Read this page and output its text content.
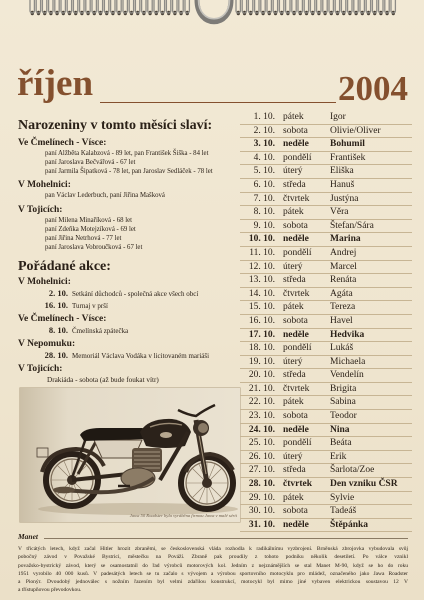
říjen	2004
Narozeniny v tomto měsíci slaví:
Ve Čmelínech - Vísce:
paní Alžběta Kalabzová - 89 let, pan František Šiška - 84 let
paní Jaroslava Bečvářová - 67 let
paní Jarmila Šipatková - 78 let, pan Jaroslav Sedláček - 78 let
V Mohelnici:
pan Václav Lederbuch, paní Jiřina Mašková
V Tojicích:
paní Milena Minaříková - 68 let
paní Zdeňka Motejzíková - 69 let
paní Jiřina Netrhová - 77 let
paní Jaroslava Vobroučková - 67 let
Pořádané akce:
V Mohelnici:
2. 10. Setkání důchodců - společná akce všech obcí
16. 10. Turnaj v prší
Ve Čmelínech - Vísce:
8. 10. Čmelínská zpátečka
V Nepomuku:
28. 10. Memoriál Václava Vodáka v licitovaném mariáši
V Tojicích:
Drakiáda - sobota (až bude foukat vítr)
Jawa 50 Roadster byla vyráběna firmou Jawa v malé sérii
1. 10. pátek	Igor
2. 10. sobota Olivie/Oliver
3. 10. neděle Bohumil
4. 10. pondělí František
5. 10. úterý	Eliška
6. 10. středa	Hanuš
7. 10. čtvrtek Justýna
8. 10. pátek	Věra
9. 10. sobota Štefan/Sára
10. 10. neděle Marina
11. 10. pondělí Andrej
12. 10. úterý	Marcel
13. 10. středa	Renáta
14. 10. čtvrtek Agáta
15. 10. pátek	Tereza
16. 10. sobota Havel
17. 10. neděle Hedvika
18. 10. pondělí Lukáš
19. 10. úterý	Michaela
20. 10. středa	Vendelín
21. 10. čtvrtek Brigita
22. 10. pátek	Sabina
23. 10. sobota Teodor
24. 10. neděle Nina
25. 10. pondělí Beáta
26. 10. úterý	Erik
27. 10. středa	Šarlota/Zoe
28. 10. čtvrtek Den vzniku ČSR
29. 10. pátek	Sylvie
30. 10. sobota Tadeáš
31. 10. neděle Štěpánka
Manet
V třicátých letech, když začal Hitler hrozit zbraněmi, se československá vláda rozhodla k radikálnímu vyzbrojení. Brněnská zbrojovka vybudovala svůj
pobočný závod v Považské Bystrici, městečku na Pováží. Zbraně pak proudily z tohoto podniku několik desetiletí. Po válce vznikl
považsko-bystrický závod, který se osamostatnil do řad výrobců motorových kol. Jedním z nejznámějších se stal Manet M-90, když se ho do roku
1951 vyrobilo 40 000 kusů. V padesátých letech se tu začalo s vývojem a výrobou sportovního motocyklu pro mládež, označeného jako Jawa Roadster
a Pionýr. Dvoudobý jednoválec s nožním řazením byl velmi zdařilou konstrukcí, motocykl byl mimo jiné vybaven elektrickou soustavou 12 V
a třístupňovou převodovkou.
